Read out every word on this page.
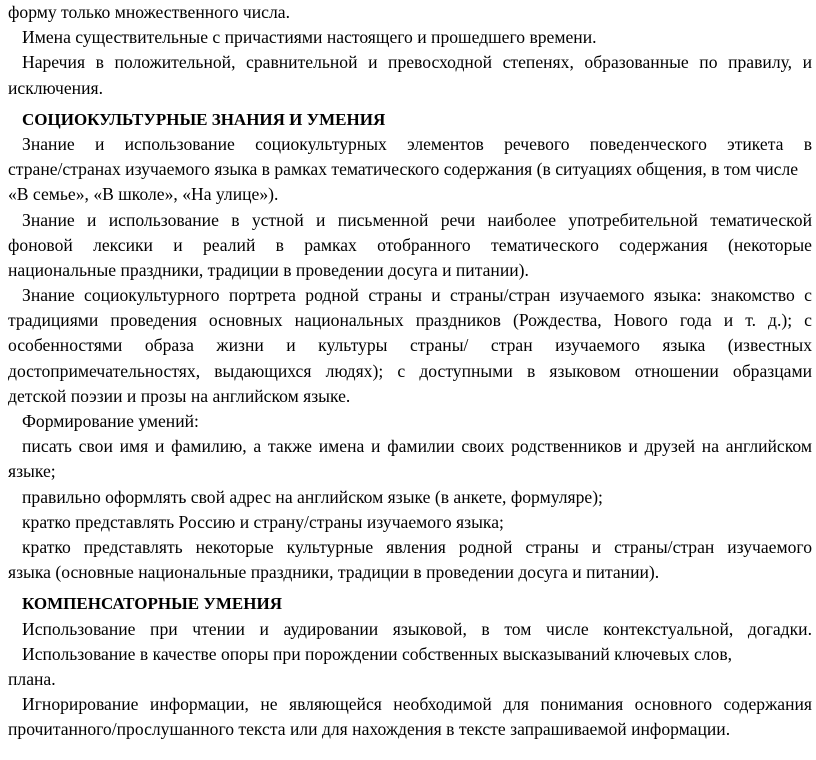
форму только множественного числа.
Имена существительные с причастиями настоящего и прошедшего времени.
Наречия в положительной, сравнительной и превосходной степенях, образованные по правилу, и
исключения.
СОЦИОКУЛЬТУРНЫЕ ЗНАНИЯ И УМЕНИЯ
Знание и использование социокультурных элементов речевого поведенческого этикета в
стране/странах изучаемого языка в рамках тематического содержания (в ситуациях общения, в том числе
«В семье», «В школе», «На улице»).
Знание и использование в устной и письменной речи наиболее употребительной тематической
фоновой лексики и реалий в рамках отобранного тематического содержания (некоторые
национальные праздники, традиции в проведении досуга и питании).
Знание социокультурного портрета родной страны и страны/стран изучаемого языка: знакомство с
традициями проведения основных национальных праздников (Рождества, Нового года и т. д.); с
особенностями образа жизни и культуры страны/ стран изучаемого языка (известных
достопримечательностях, выдающихся людях); с доступными в языковом отношении образцами
детской поэзии и прозы на английском языке.
Формирование умений:
писать свои имя и фамилию, а также имена и фамилии своих родственников и друзей на английском
языке;
правильно оформлять свой адрес на английском языке (в анкете, формуляре);
кратко представлять Россию и страну/страны изучаемого языка;
кратко представлять некоторые культурные явления родной страны и страны/стран изучаемого
языка (основные национальные праздники, традиции в проведении досуга и питании).
КОМПЕНСАТОРНЫЕ УМЕНИЯ
Использование при чтении и аудировании языковой, в том числе контекстуальной, догадки.
Использование в качестве опоры при порождении собственных высказываний ключевых слов,
плана.
Игнорирование информации, не являющейся необходимой для понимания основного содержания
прочитанного/прослушанного текста или для нахождения в тексте запрашиваемой информации.
